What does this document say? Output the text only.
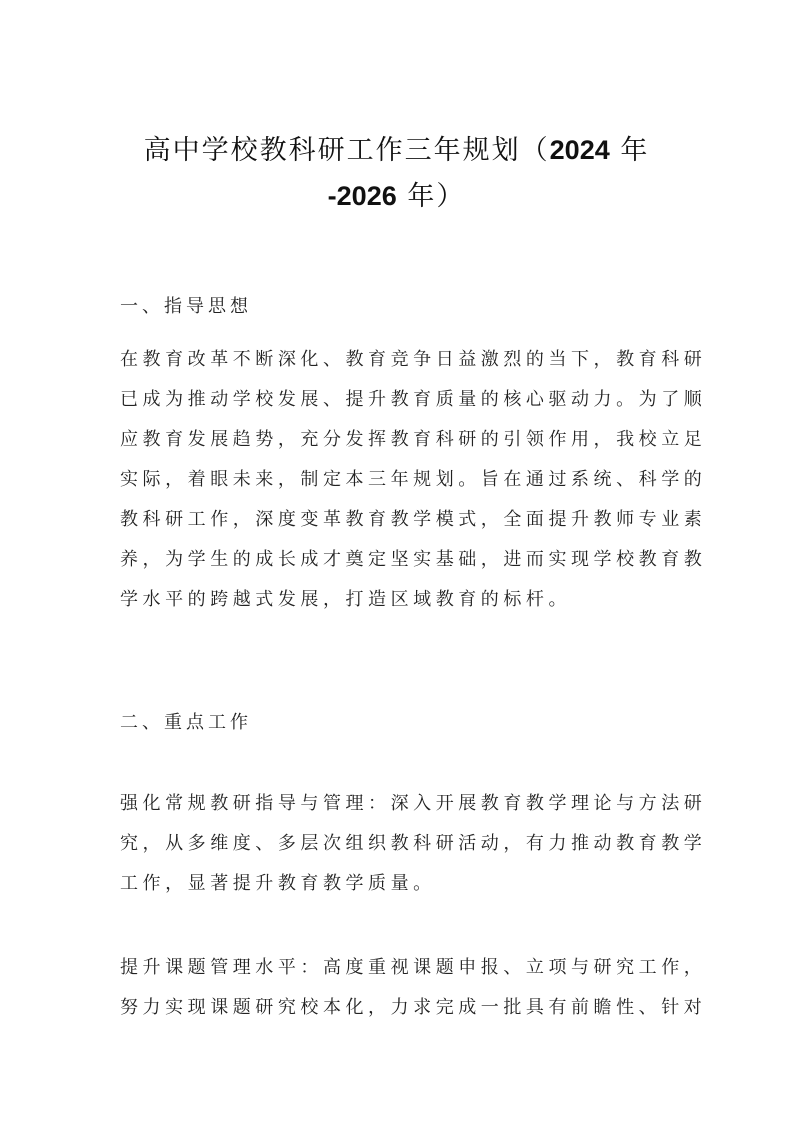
高中学校教科研工作三年规划（2024 年
-2026 年）
一、指导思想
在教育改革不断深化、教育竞争日益激烈的当下，教育科研
已成为推动学校发展、提升教育质量的核心驱动力。为了顺
应教育发展趋势，充分发挥教育科研的引领作用，我校立足
实际，着眼未来，制定本三年规划。旨在通过系统、科学的
教科研工作，深度变革教育教学模式，全面提升教师专业素
养，为学生的成长成才奠定坚实基础，进而实现学校教育教
学水平的跨越式发展，打造区域教育的标杆。
二、重点工作
强化常规教研指导与管理：深入开展教育教学理论与方法研
究，从多维度、多层次组织教科研活动，有力推动教育教学
工作，显著提升教育教学质量。
提升课题管理水平：高度重视课题申报、立项与研究工作，
努力实现课题研究校本化，力求完成一批具有前瞻性、针对
